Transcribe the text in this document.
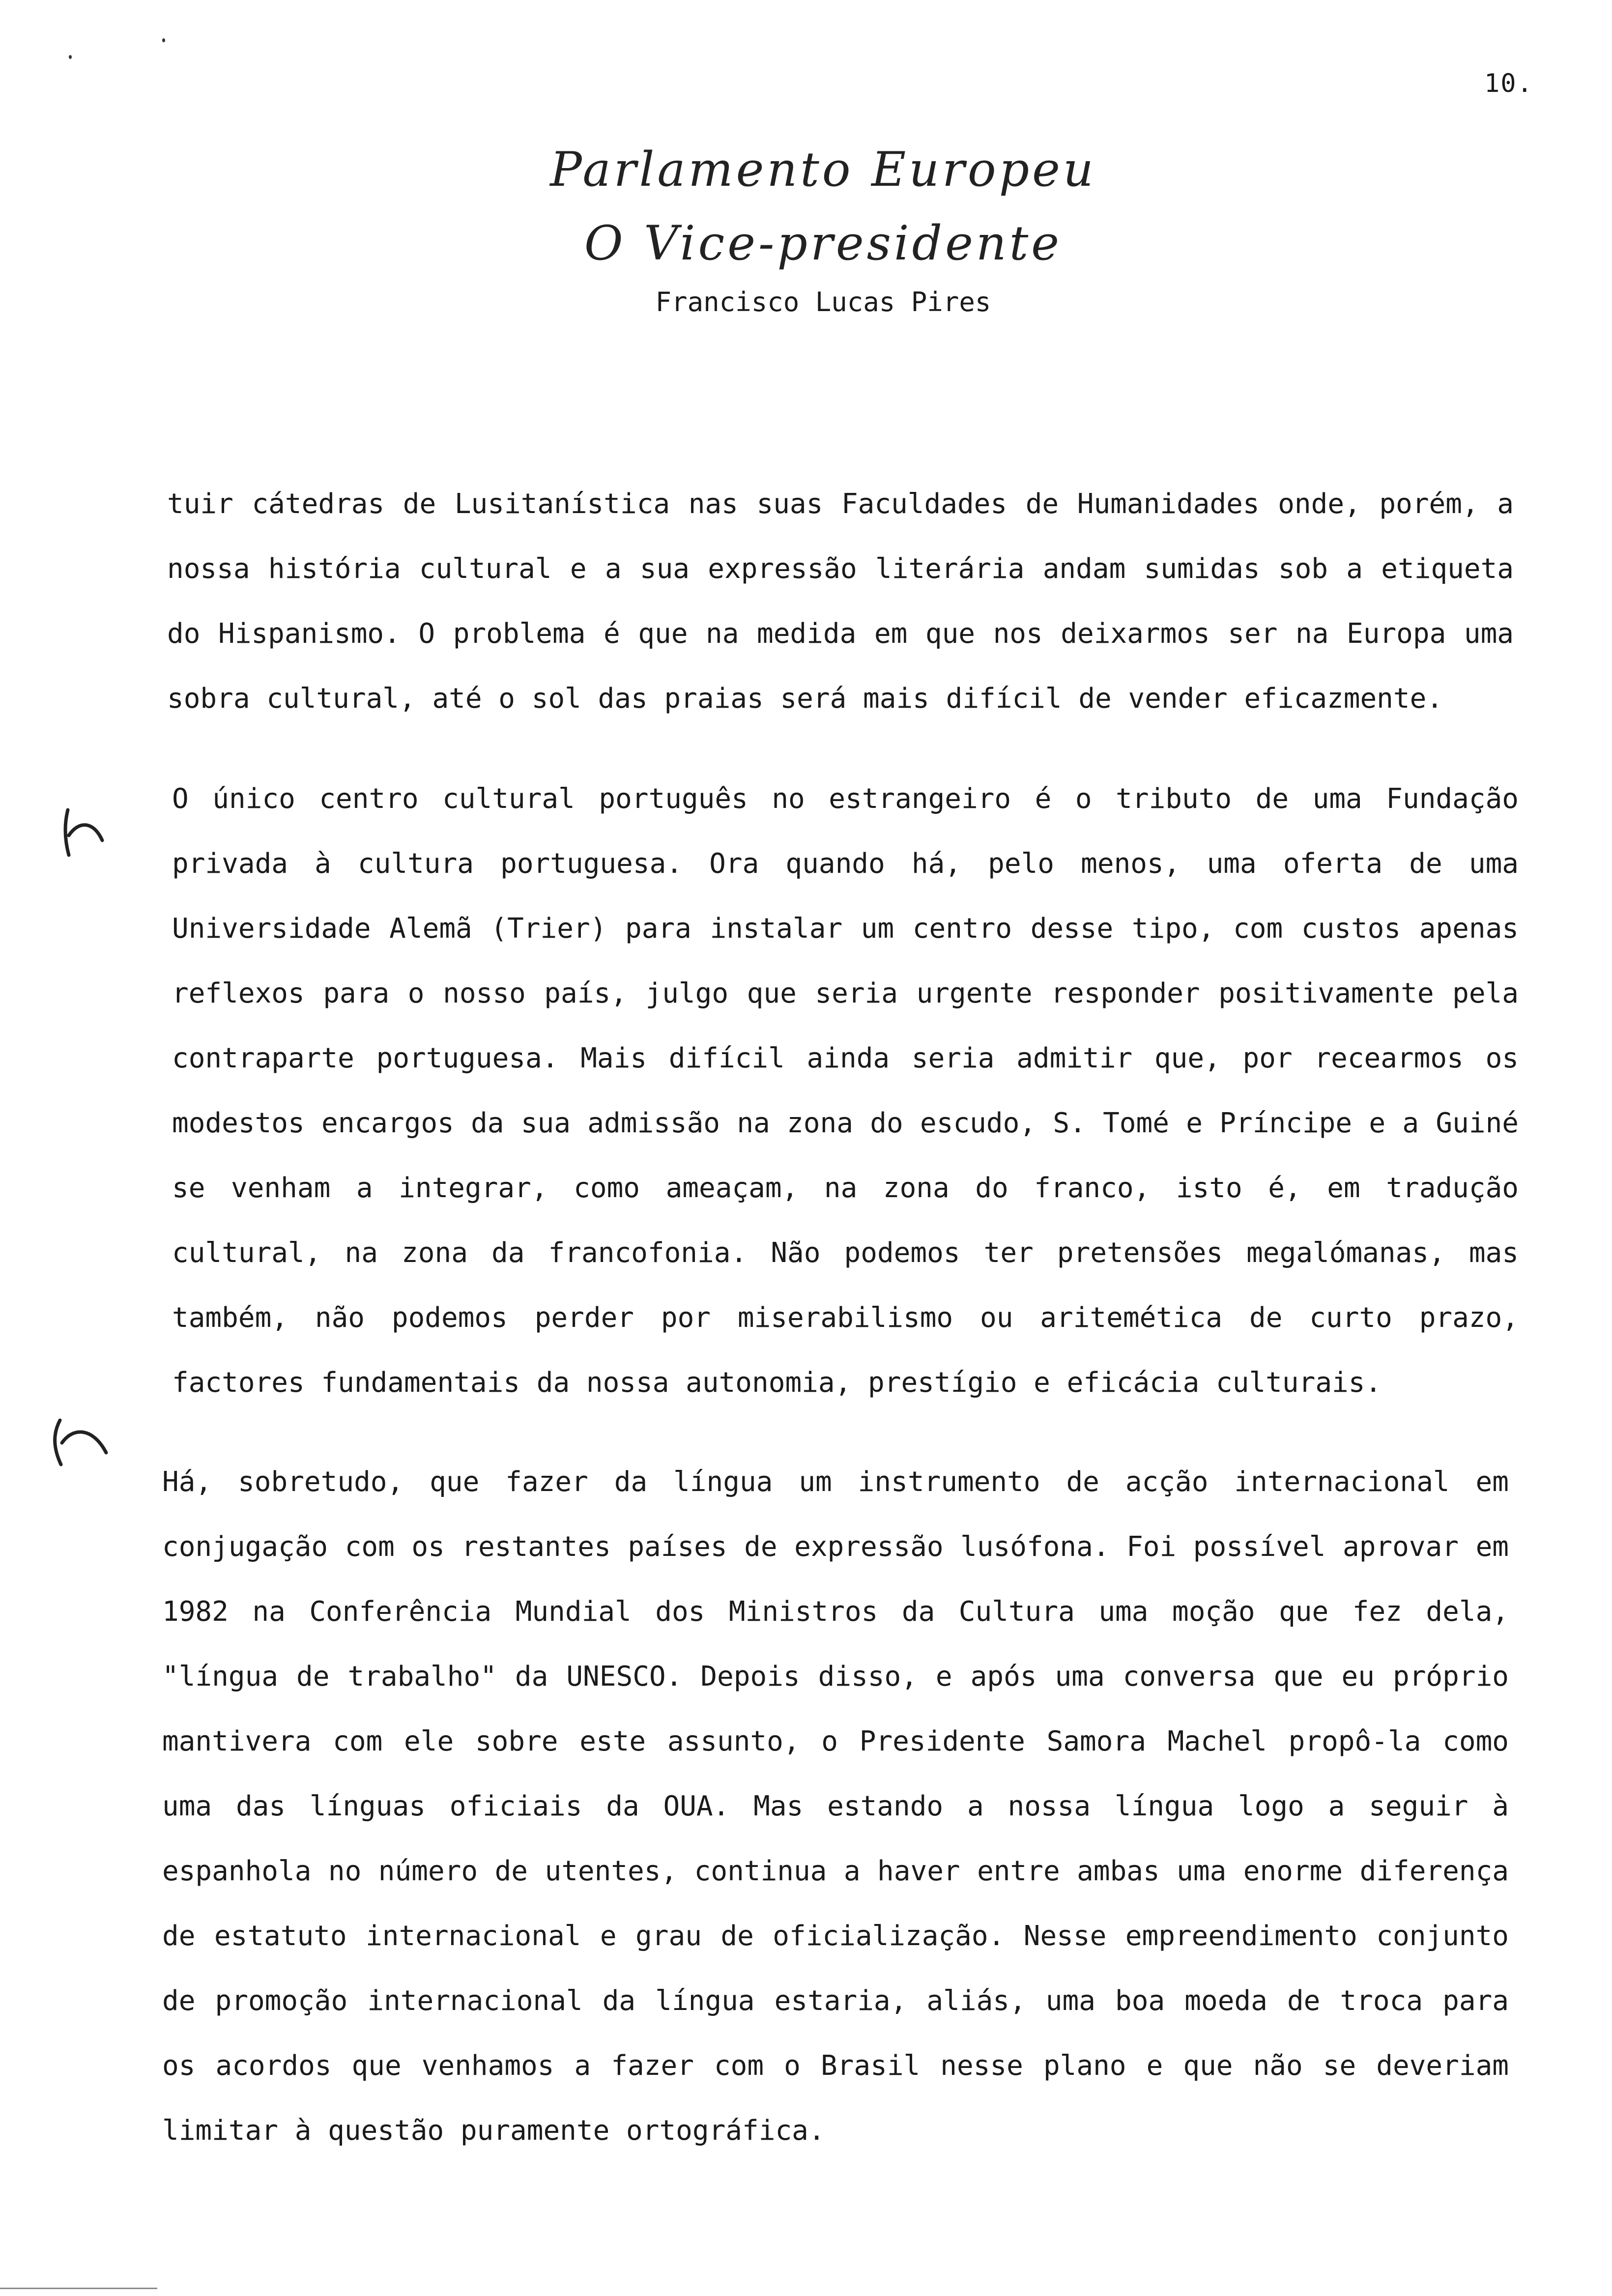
10.
Parlamento Europeu
O Vice-presidente
Francisco Lucas Pires
tuir cátedras de Lusitanística nas suas Faculdades de Humanidades onde, porém, a nossa história cultural e a sua expressão literária andam sumidas sob a etiqueta do Hispanismo. O problema é que na medida em que nos deixarmos ser na Europa uma sobra cultural, até o sol das praias será mais difícil de vender eficazmente.
O único centro cultural português no estrangeiro é o tributo de uma Fundação privada à cultura portuguesa. Ora quando há, pelo menos, uma oferta de uma Universidade Alemã (Trier) para instalar um centro desse tipo, com custos apenas reflexos para o nosso país, julgo que seria urgente responder positivamente pela contraparte portuguesa. Mais difícil ainda seria admitir que, por recearmos os modestos encargos da sua admissão na zona do escudo, S. Tomé e Príncipe e a Guiné se venham a integrar, como ameaçam, na zona do franco, isto é, em tradução cultural, na zona da francofonia. Não podemos ter pretensões megalómanas, mas também, não podemos perder por miserabilismo ou aritemética de curto prazo, factores fundamentais da nossa autonomia, prestígio e eficácia culturais.
Há, sobretudo, que fazer da língua um instrumento de acção internacional em conjugação com os restantes países de expressão lusófona. Foi possível aprovar em 1982 na Conferência Mundial dos Ministros da Cultura uma moção que fez dela, "língua de trabalho" da UNESCO. Depois disso, e após uma conversa que eu próprio mantivera com ele sobre este assunto, o Presidente Samora Machel propô-la como uma das línguas oficiais da OUA. Mas estando a nossa língua logo a seguir à espanhola no número de utentes, continua a haver entre ambas uma enorme diferença de estatuto internacional e grau de oficialização. Nesse empreendimento conjunto de promoção internacional da língua estaria, aliás, uma boa moeda de troca para os acordos que venhamos a fazer com o Brasil nesse plano e que não se deveriam limitar à questão puramente ortográfica.
